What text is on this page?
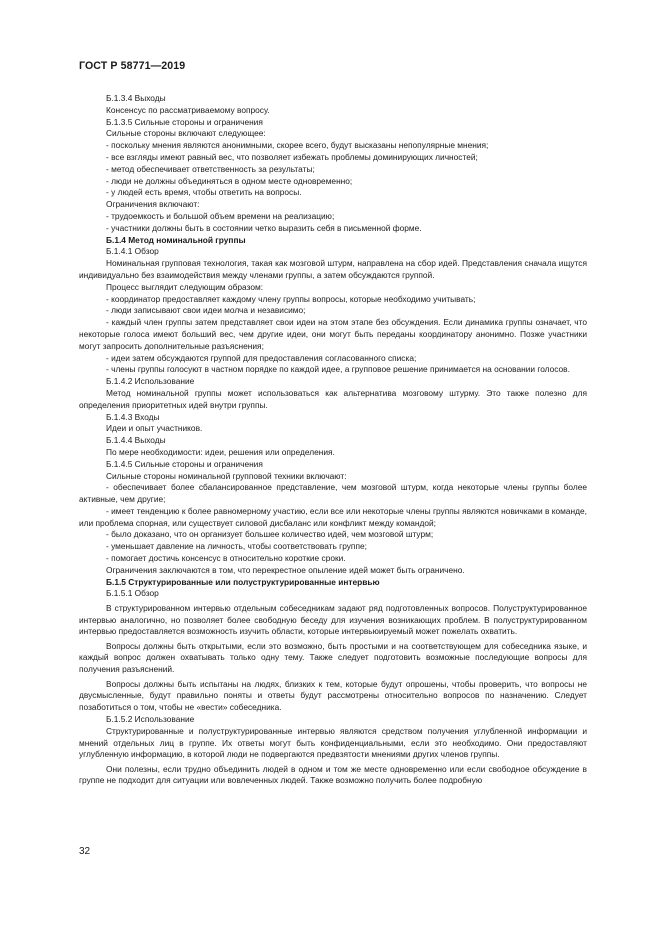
ГОСТ Р 58771—2019

Б.1.3.4 Выходы

Консенсус по рассматриваемому вопросу.

Б.1.3.5 Сильные стороны и ограничения

Сильные стороны включают следующее:

- поскольку мнения являются анонимными, скорее всего, будут высказаны непопулярные мнения;

- все взгляды имеют равный вес, что позволяет избежать проблемы доминирующих личностей;

- метод обеспечивает ответственность за результаты;

- люди не должны объединяться в одном месте одновременно;

- у людей есть время, чтобы ответить на вопросы.

Ограничения включают:

- трудоемкость и большой объем времени на реализацию;

- участники должны быть в состоянии четко выразить себя в письменной форме.

Б.1.4 Метод номинальной группы

Б.1.4.1 Обзор

Номинальная групповая технология, такая как мозговой штурм, направлена на сбор идей. Представления сначала ищутся индивидуально без взаимодействия между членами группы, а затем обсуждаются группой.

Процесс выглядит следующим образом:

- координатор предоставляет каждому члену группы вопросы, которые необходимо учитывать;

- люди записывают свои идеи молча и независимо;

- каждый член группы затем представляет свои идеи на этом этапе без обсуждения. Если динамика группы означает, что некоторые голоса имеют больший вес, чем другие идеи, они могут быть переданы координатору анонимно. Позже участники могут запросить дополнительные разъяснения;

- идеи затем обсуждаются группой для предоставления согласованного списка;

- члены группы голосуют в частном порядке по каждой идее, а групповое решение принимается на основании голосов.

Б.1.4.2 Использование

Метод номинальной группы может использоваться как альтернатива мозговому штурму. Это также полезно для определения приоритетных идей внутри группы.

Б.1.4.3 Входы

Идеи и опыт участников.

Б.1.4.4 Выходы

По мере необходимости: идеи, решения или определения.

Б.1.4.5 Сильные стороны и ограничения

Сильные стороны номинальной групповой техники включают:

- обеспечивает более сбалансированное представление, чем мозговой штурм, когда некоторые члены группы более активные, чем другие;

- имеет тенденцию к более равномерному участию, если все или некоторые члены группы являются новичками в команде, или проблема спорная, или существует силовой дисбаланс или конфликт между командой;

- было доказано, что он организует большее количество идей, чем мозговой штурм;

- уменьшает давление на личность, чтобы соответствовать группе;

- помогает достичь консенсус в относительно короткие сроки.

Ограничения заключаются в том, что перекрестное опыление идей может быть ограничено.

Б.1.5 Структурированные или полуструктурированные интервью

Б.1.5.1 Обзор

В структурированном интервью отдельным собеседникам задают ряд подготовленных вопросов. Полуструктурированное интервью аналогично, но позволяет более свободную беседу для изучения возникающих проблем. В полуструктурированном интервью предоставляется возможность изучить области, которые интервьюируемый может пожелать охватить.

Вопросы должны быть открытыми, если это возможно, быть простыми и на соответствующем для собеседника языке, и каждый вопрос должен охватывать только одну тему. Также следует подготовить возможные последующие вопросы для получения разъяснений.

Вопросы должны быть испытаны на людях, близких к тем, которые будут опрошены, чтобы проверить, что вопросы не двусмысленные, будут правильно поняты и ответы будут рассмотрены относительно вопросов по назначению. Следует позаботиться о том, чтобы не «вести» собеседника.

Б.1.5.2 Использование

Структурированные и полуструктурированные интервью являются средством получения углубленной информации и мнений отдельных лиц в группе. Их ответы могут быть конфиденциальными, если это необходимо. Они предоставляют углубленную информацию, в которой люди не подвергаются предвзятости мнениями других членов группы.

Они полезны, если трудно объединить людей в одном и том же месте одновременно или если свободное обсуждение в группе не подходит для ситуации или вовлеченных людей. Также возможно получить более подробную

32
